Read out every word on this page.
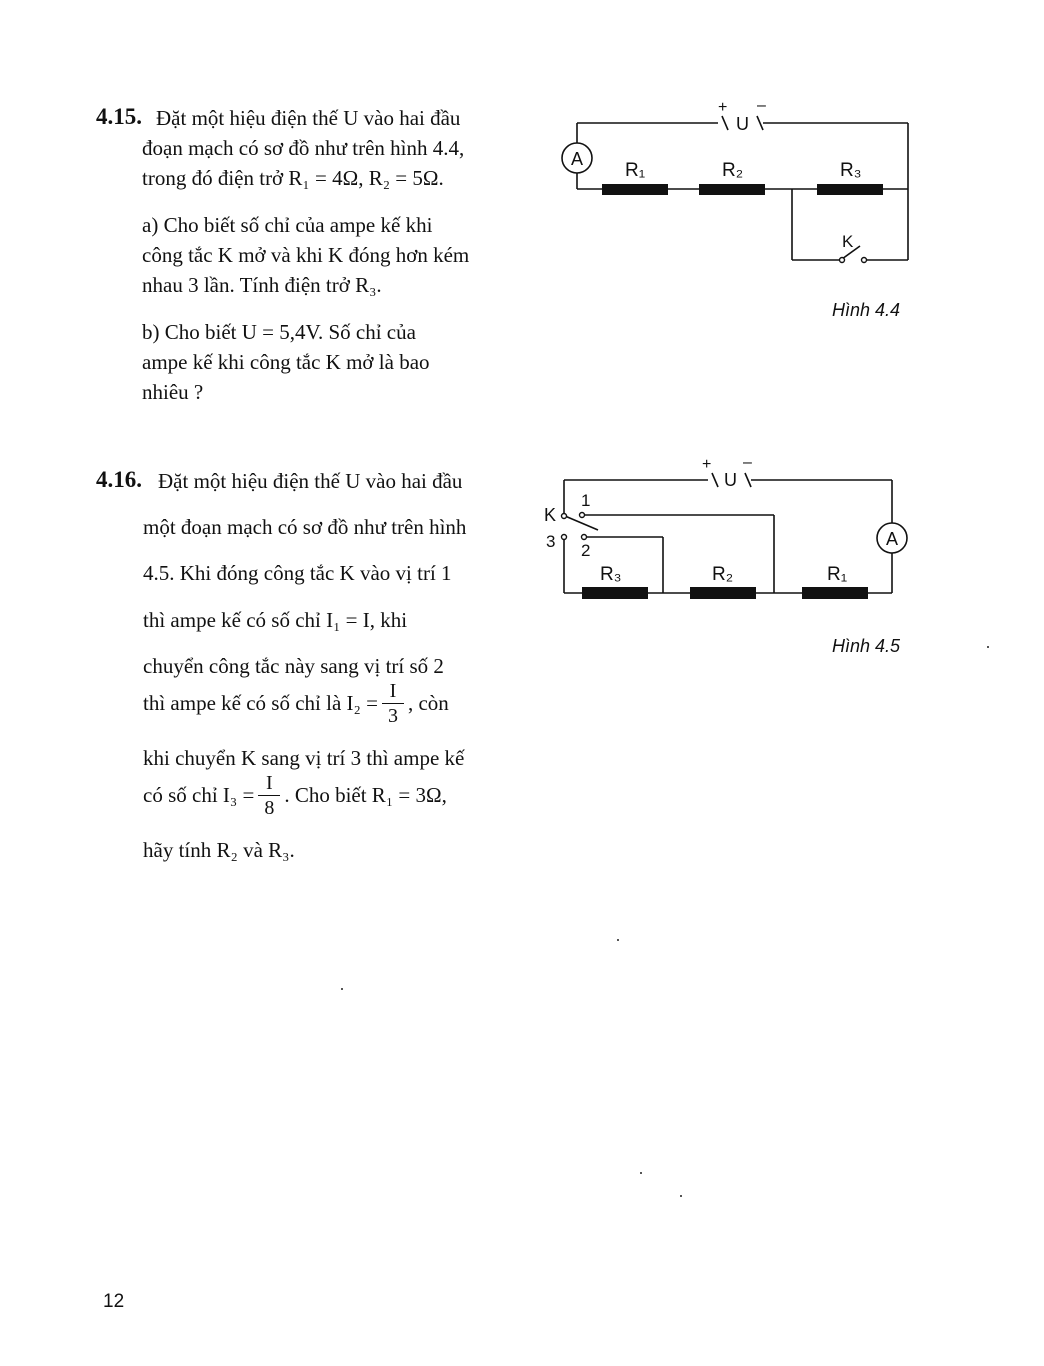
4.15. Đặt một hiệu điện thế U vào hai đầu
đoạn mạch có sơ đồ như trên hình 4.4,
trong đó điện trở R₁ = 4Ω, R₂ = 5Ω.
a) Cho biết số chỉ của ampe kế khi
công tắc K mở và khi K đóng hơn kém
nhau 3 lần. Tính điện trở R₃.
b) Cho biết U = 5,4V. Số chỉ của
ampe kế khi công tắc K mở là bao
nhiêu ?
A
+ –
U
R₁	R₂	R₃
K
Hình 4.4
4.16. Đặt một hiệu điện thế U vào hai đầu
một đoạn mạch có sơ đồ như trên hình
4.5. Khi đóng công tắc K vào vị trí 1
thì ampe kế có số chỉ I₁ = I, khi
chuyển công tắc này sang vị trí số 2
thì ampe kế có số chỉ là $I_2 = \frac{I}{3}$ , còn
khi chuyển K sang vị trí 3 thì ampe kế
có số chỉ $I_3 = \frac{I}{8}$ . Cho biết R₁ = 3Ω,
hãy tính R₂ và R₃.
+ –
U
K
1
2
3	A
R₃	R₂	R₁
Hình 4.5
12
